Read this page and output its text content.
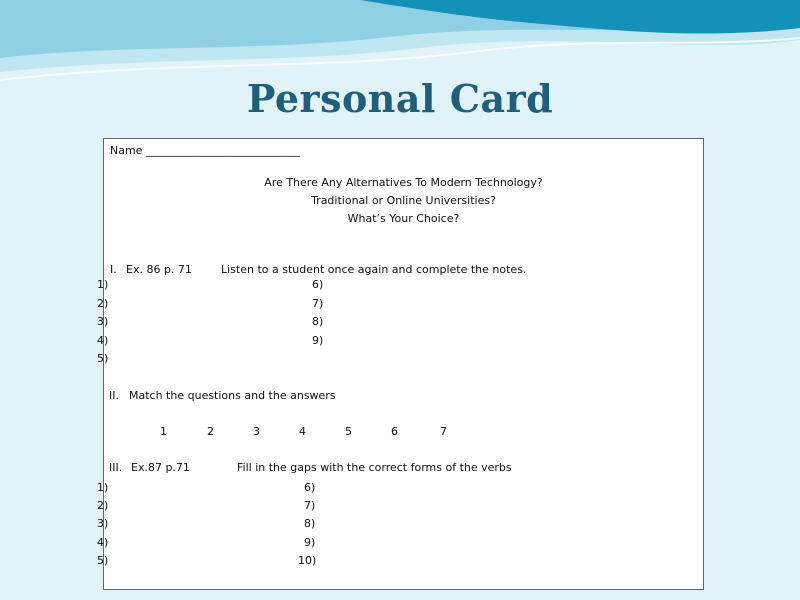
Personal Card
Name ____________________________
Are There Any Alternatives To Modern Technology?
Traditional or Online Universities?
What’s Your Choice?
I. Ex. 86 p. 71	Listen to a student once again and complete the notes.
1)
2)
3)
4)
5)
6)
7)
8)
9)
II. Match the questions and the answers
1	2	3	4	5	6	7
III. Ex.87 p.71	Fill in the gaps with the correct forms of the verbs
1)
2)
3)
4)
5)
6)
7)
8)
9)
10)
